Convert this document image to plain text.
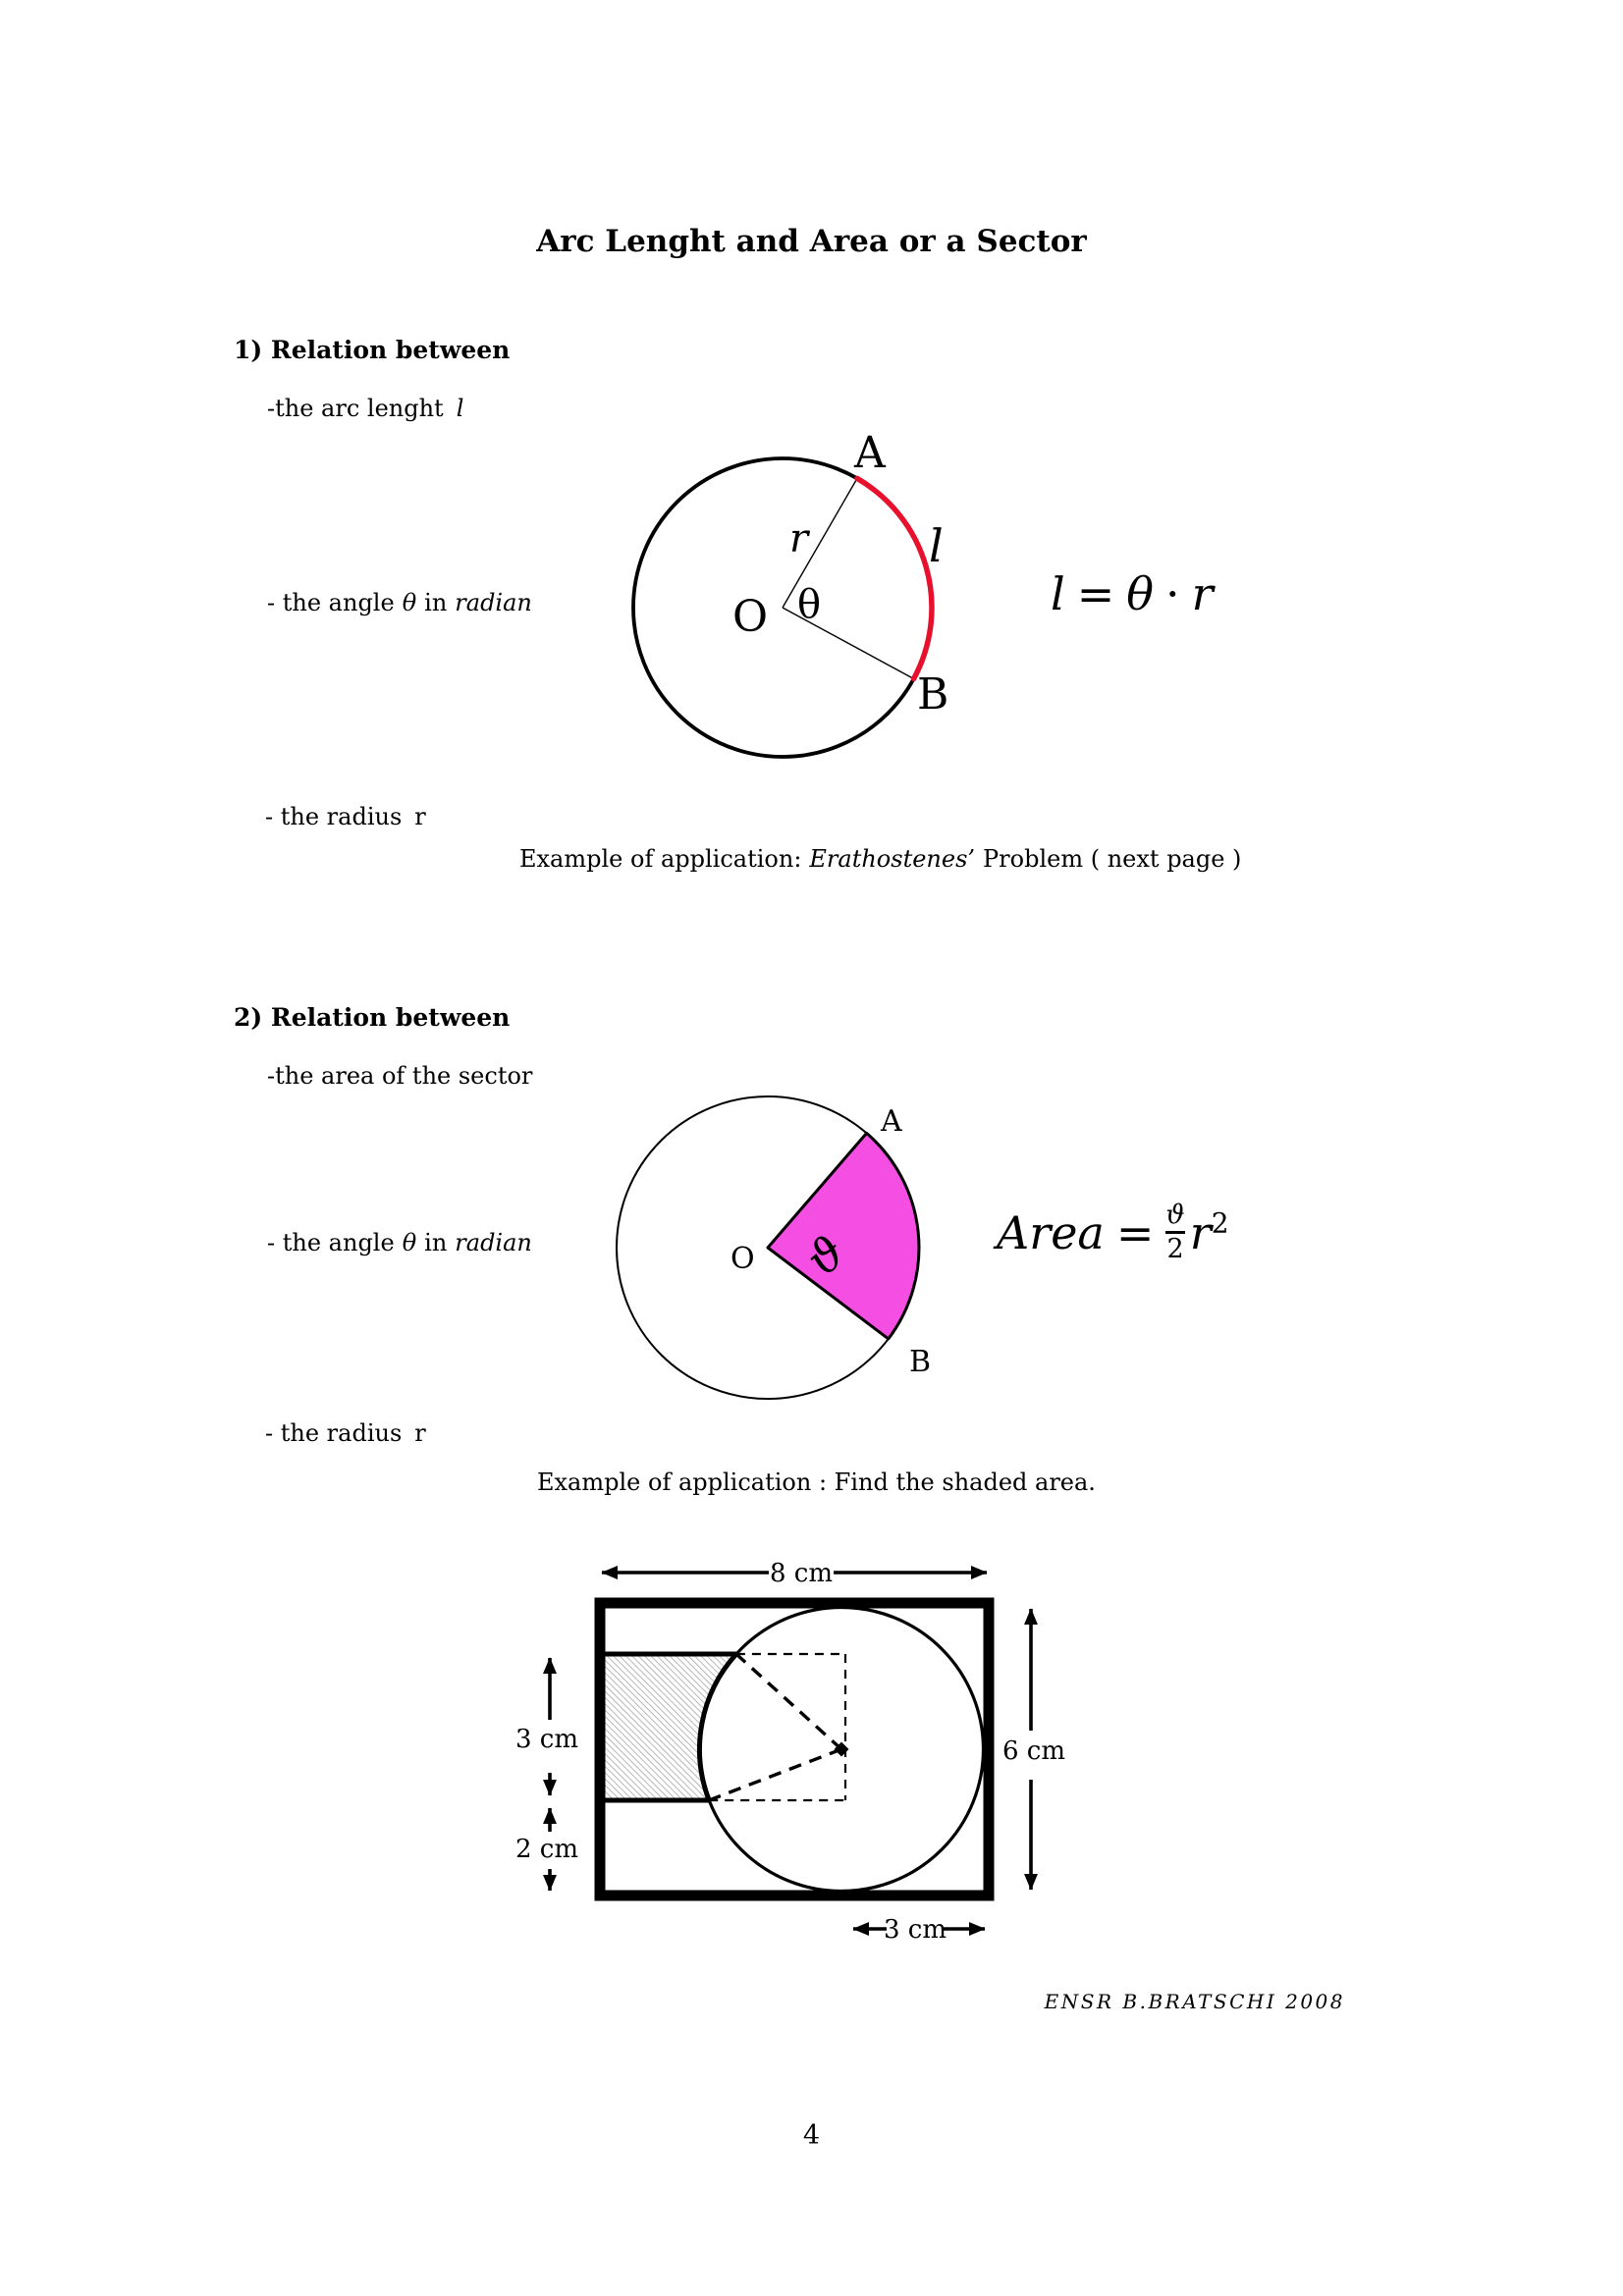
Arc Lenght and Area or a Sector
1) Relation between
-the arc lenght l
- the angle θ in radian
- the radius r
Example of application: Erathostenes’ Problem ( next page )
O
A
B
r
θ
l
l = θ · r
2) Relation between
-the area of the sector
- the angle θ in radian
- the radius r
Example of application : Find the shaded area.
O
A
B
ϑ	Area = $\frac{ϑ}{2} r^2$
8 cm
6 cm
3 cm
2 cm
3 cm
ENSR B.BRATSCHI 2008
4
